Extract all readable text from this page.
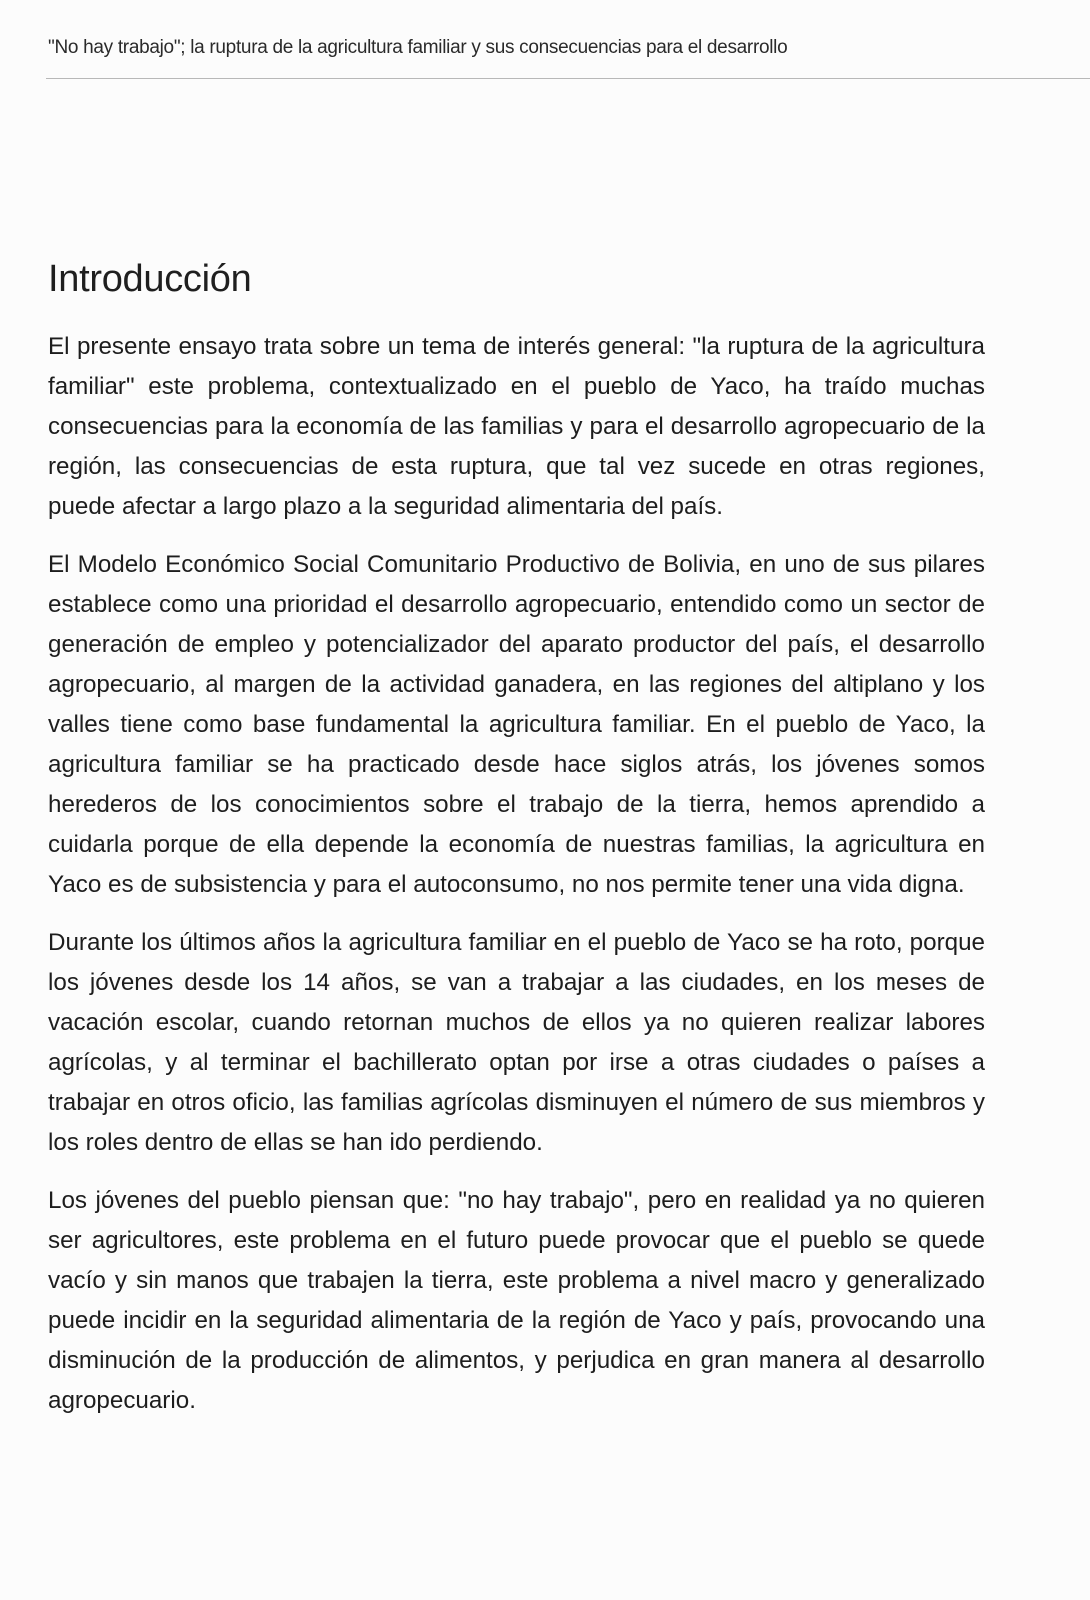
"No hay trabajo"; la ruptura de la agricultura familiar y sus consecuencias para el desarrollo
Introducción

El presente ensayo trata sobre un tema de interés general: "la ruptura de la agricultura familiar" este problema, contextualizado en el pueblo de Yaco, ha traído muchas consecuencias para la economía de las familias y para el desarrollo agropecuario de la región, las consecuencias de esta ruptura, que tal vez sucede en otras regiones, puede afectar a largo plazo a la seguridad alimentaria del país.

El Modelo Económico Social Comunitario Productivo de Bolivia, en uno de sus pilares establece como una prioridad el desarrollo agropecuario, entendido como un sector de generación de empleo y potencializador del aparato productor del país, el desarrollo agropecuario, al margen de la actividad ganadera, en las regiones del altiplano y los valles tiene como base fundamental la agricultura familiar. En el pueblo de Yaco, la agricultura familiar se ha practicado desde hace siglos atrás, los jóvenes somos herederos de los conocimientos sobre el trabajo de la tierra, hemos aprendido a cuidarla porque de ella depende la economía de nuestras familias, la agricultura en Yaco es de subsistencia y para el autoconsumo, no nos permite tener una vida digna.

Durante los últimos años la agricultura familiar en el pueblo de Yaco se ha roto, porque los jóvenes desde los 14 años, se van a trabajar a las ciudades, en los meses de vacación escolar, cuando retornan muchos de ellos ya no quieren realizar labores agrícolas, y al terminar el bachillerato optan por irse a otras ciudades o países a trabajar en otros oficio, las familias agrícolas disminuyen el número de sus miembros y los roles dentro de ellas se han ido perdiendo.

Los jóvenes del pueblo piensan que: "no hay trabajo", pero en realidad ya no quieren ser agricultores, este problema en el futuro puede provocar que el pueblo se quede vacío y sin manos que trabajen la tierra, este problema a nivel macro y generalizado puede incidir en la seguridad alimentaria de la región de Yaco y país, provocando una disminución de la producción de alimentos, y perjudica en gran manera al desarrollo agropecuario.
